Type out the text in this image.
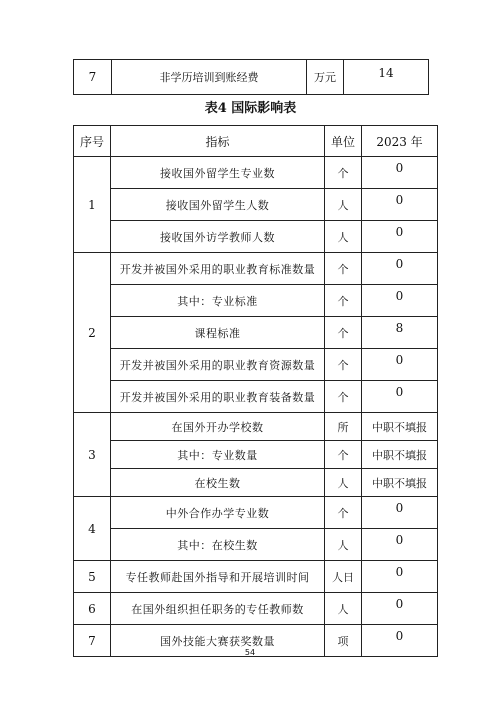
7	非学历培训到账经费	万元	14
表4 国际影响表
序号	指标	单位	2023 年
1	接收国外留学生专业数	个	0
	接收国外留学生人数	人	0
	接收国外访学教师人数	人	0
2	开发并被国外采用的职业教育标准数量	个	0
	其中：专业标准	个	0
	课程标准	个	8
	开发并被国外采用的职业教育资源数量	个	0
	开发并被国外采用的职业教育装备数量	个	0
3	在国外开办学校数	所	中职不填报
	其中：专业数量	个	中职不填报
	在校生数	人	中职不填报
4	中外合作办学专业数	个	0
	其中：在校生数	人	0
5	专任教师赴国外指导和开展培训时间	人日	0
6	在国外组织担任职务的专任教师数	人	0
7	国外技能大赛获奖数量	项	0
54
